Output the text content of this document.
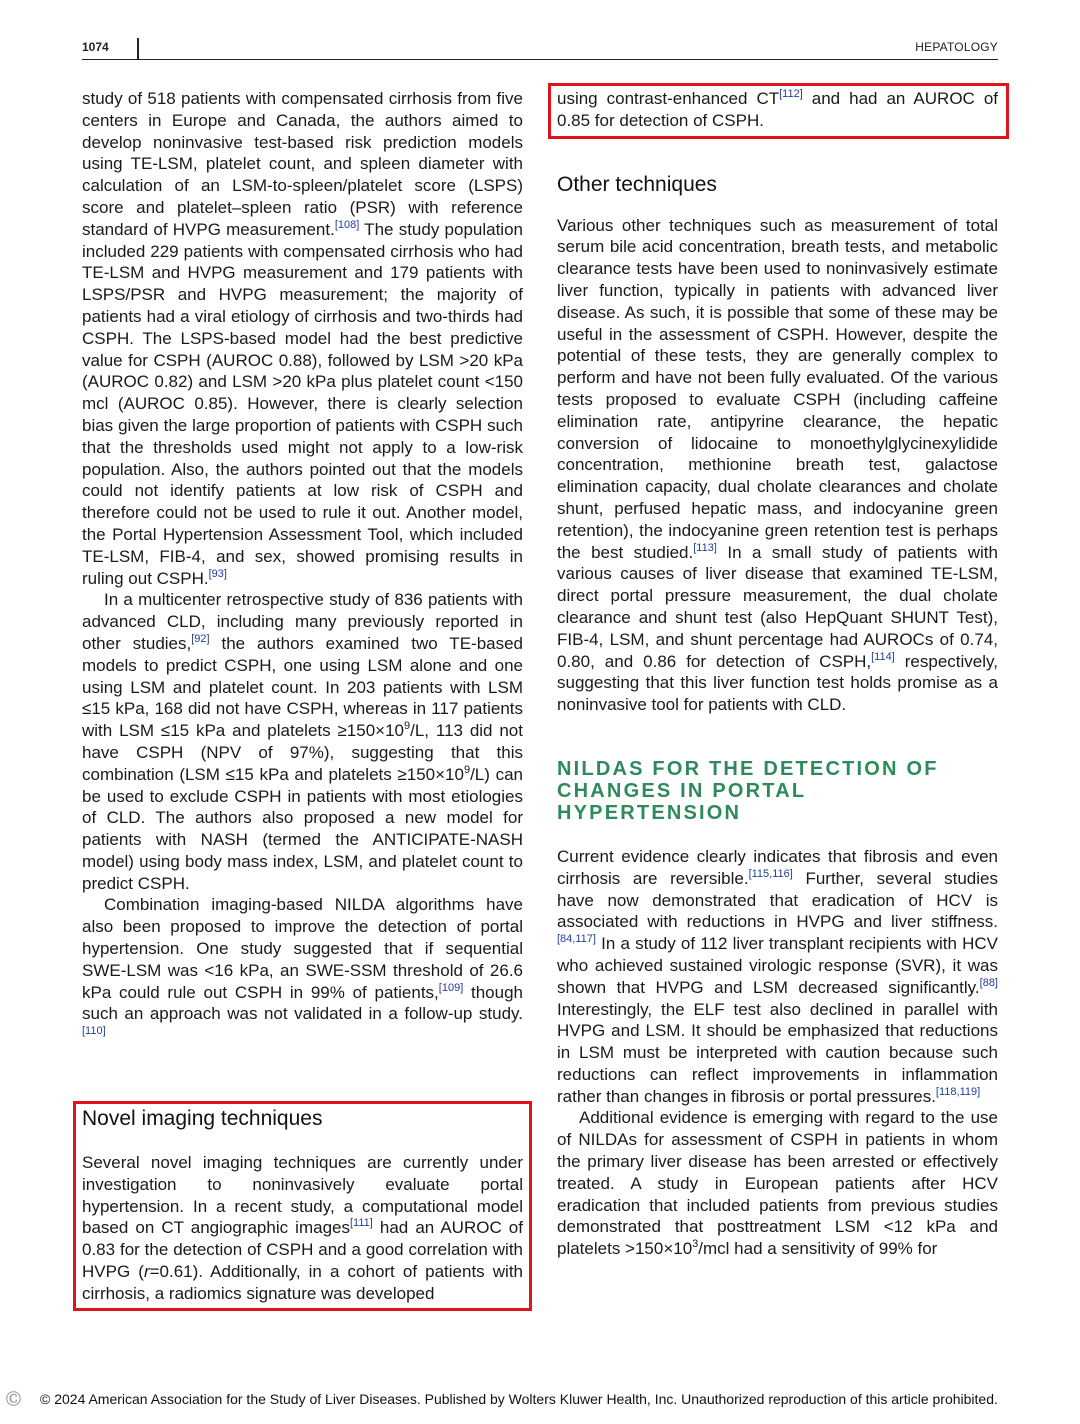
1074	HEPATOLOGY

study of 518 patients with compensated cirrhosis from five centers in Europe and Canada, the authors aimed to develop noninvasive test-based risk prediction models using TE-LSM, platelet count, and spleen diameter with calculation of an LSM-to-spleen/platelet score (LSPS) score and platelet–spleen ratio (PSR) with reference standard of HVPG measurement.[108] The study population included 229 patients with compensated cirrhosis who had TE-LSM and HVPG measurement and 179 patients with LSPS/PSR and HVPG measurement; the majority of patients had a viral etiology of cirrhosis and two-thirds had CSPH. The LSPS-based model had the best predictive value for CSPH (AUROC 0.88), followed by LSM >20 kPa (AUROC 0.82) and LSM >20 kPa plus platelet count <150 mcl (AUROC 0.85). However, there is clearly selection bias given the large proportion of patients with CSPH such that the thresholds used might not apply to a low-risk population. Also, the authors pointed out that the models could not identify patients at low risk of CSPH and therefore could not be used to rule it out. Another model, the Portal Hypertension Assessment Tool, which included TE-LSM, FIB-4, and sex, showed promising results in ruling out CSPH.[93]

In a multicenter retrospective study of 836 patients with advanced CLD, including many previously reported in other studies,[92] the authors examined two TE-based models to predict CSPH, one using LSM alone and one using LSM and platelet count. In 203 patients with LSM ≤15 kPa, 168 did not have CSPH, whereas in 117 patients with LSM ≤15 kPa and platelets $\ge 150\times 10^9/L$, 113 did not have CSPH (NPV of 97%), suggesting that this combination (LSM ≤15 kPa and platelets $\ge 150\times 10^9/L$) can be used to exclude CSPH in patients with most etiologies of CLD. The authors also proposed a new model for patients with NASH (termed the ANTICIPATE-NASH model) using body mass index, LSM, and platelet count to predict CSPH.

Combination imaging-based NILDA algorithms have also been proposed to improve the detection of portal hypertension. One study suggested that if sequential SWE-LSM was <16 kPa, an SWE-SSM threshold of 26.6 kPa could rule out CSPH in 99% of patients,[109] though such an approach was not validated in a follow-up study.[110]

Novel imaging techniques

Several novel imaging techniques are currently under investigation to noninvasively evaluate portal hypertension. In a recent study, a computational model based on CT angiographic images[111] had an AUROC of 0.83 for the detection of CSPH and a good correlation with HVPG (r=0.61). Additionally, in a cohort of patients with cirrhosis, a radiomics signature was developed

using contrast-enhanced CT[112] and had an AUROC of 0.85 for detection of CSPH.

Other techniques

Various other techniques such as measurement of total serum bile acid concentration, breath tests, and metabolic clearance tests have been used to noninvasively estimate liver function, typically in patients with advanced liver disease. As such, it is possible that some of these may be useful in the assessment of CSPH. However, despite the potential of these tests, they are generally complex to perform and have not been fully evaluated. Of the various tests proposed to evaluate CSPH (including caffeine elimination rate, antipyrine clearance, the hepatic conversion of lidocaine to monoethylglycinexylidide concentration, methionine breath test, galactose elimination capacity, dual cholate clearances and cholate shunt, perfused hepatic mass, and indocyanine green retention), the indocyanine green retention test is perhaps the best studied.[113] In a small study of patients with various causes of liver disease that examined TE-LSM, direct portal pressure measurement, the dual cholate clearance and shunt test (also HepQuant SHUNT Test), FIB-4, LSM, and shunt percentage had AUROCs of 0.74, 0.80, and 0.86 for detection of CSPH,[114] respectively, suggesting that this liver function test holds promise as a noninvasive tool for patients with CLD.

NILDAS FOR THE DETECTION OF
CHANGES IN PORTAL
HYPERTENSION

Current evidence clearly indicates that fibrosis and even cirrhosis are reversible.[115,116] Further, several studies have now demonstrated that eradication of HCV is associated with reductions in HVPG and liver stiffness.[84,117] In a study of 112 liver transplant recipients with HCV who achieved sustained virologic response (SVR), it was shown that HVPG and LSM decreased significantly.[88] Interestingly, the ELF test also declined in parallel with HVPG and LSM. It should be emphasized that reductions in LSM must be interpreted with caution because such reductions can reflect improvements in inflammation rather than changes in fibrosis or portal pressures.[118,119]

Additional evidence is emerging with regard to the use of NILDAs for assessment of CSPH in patients in whom the primary liver disease has been arrested or effectively treated. A study in European patients after HCV eradication that included patients from previous studies demonstrated that posttreatment LSM <12 kPa and platelets $>150\times 10^3$/mcl had a sensitivity of 99% for

Ⓒ © 2024 American Association for the Study of Liver Diseases. Published by Wolters Kluwer Health, Inc. Unauthorized reproduction of this article prohibited.
